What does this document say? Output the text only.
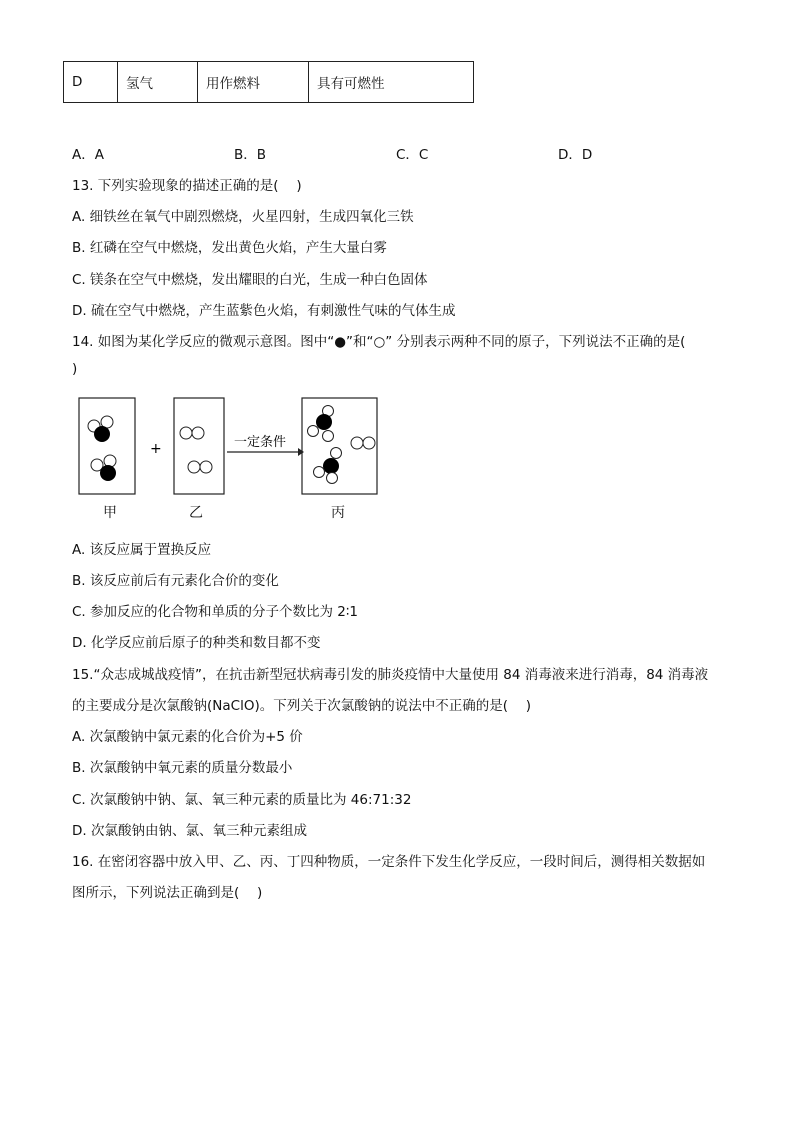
D	氢气	用作燃料	具有可燃性
A．A	B．B	C．C	D．D
13. 下列实验现象的描述正确的是(　 )
A. 细铁丝在氧气中剧烈燃烧，火星四射，生成四氧化三铁
B. 红磷在空气中燃烧，发出黄色火焰，产生大量白雾
C. 镁条在空气中燃烧，发出耀眼的白光，生成一种白色固体
D. 硫在空气中燃烧，产生蓝紫色火焰，有刺激性气味的气体生成
14. 如图为某化学反应的微观示意图。图中“●”和“○” 分别表示两种不同的原子，下列说法不正确的是(
)
+	一定条件
甲	乙	丙
A. 该反应属于置换反应
B. 该反应前后有元素化合价的变化
C. 参加反应的化合物和单质的分子个数比为 2∶1
D. 化学反应前后原子的种类和数目都不变
15.“众志成城战疫情”，在抗击新型冠状病毒引发的肺炎疫情中大量使用 84 消毒液来进行消毒，84 消毒液
的主要成分是次氯酸钠(NaClO)。下列关于次氯酸钠的说法中不正确的是(　 )
A. 次氯酸钠中氯元素的化合价为+5 价
B. 次氯酸钠中氧元素的质量分数最小
C. 次氯酸钠中钠、氯、氧三种元素的质量比为 46:71:32
D. 次氯酸钠由钠、氯、氧三种元素组成
16. 在密闭容器中放入甲、乙、丙、丁四种物质，一定条件下发生化学反应，一段时间后，测得相关数据如
图所示，下列说法正确到是(　 )
